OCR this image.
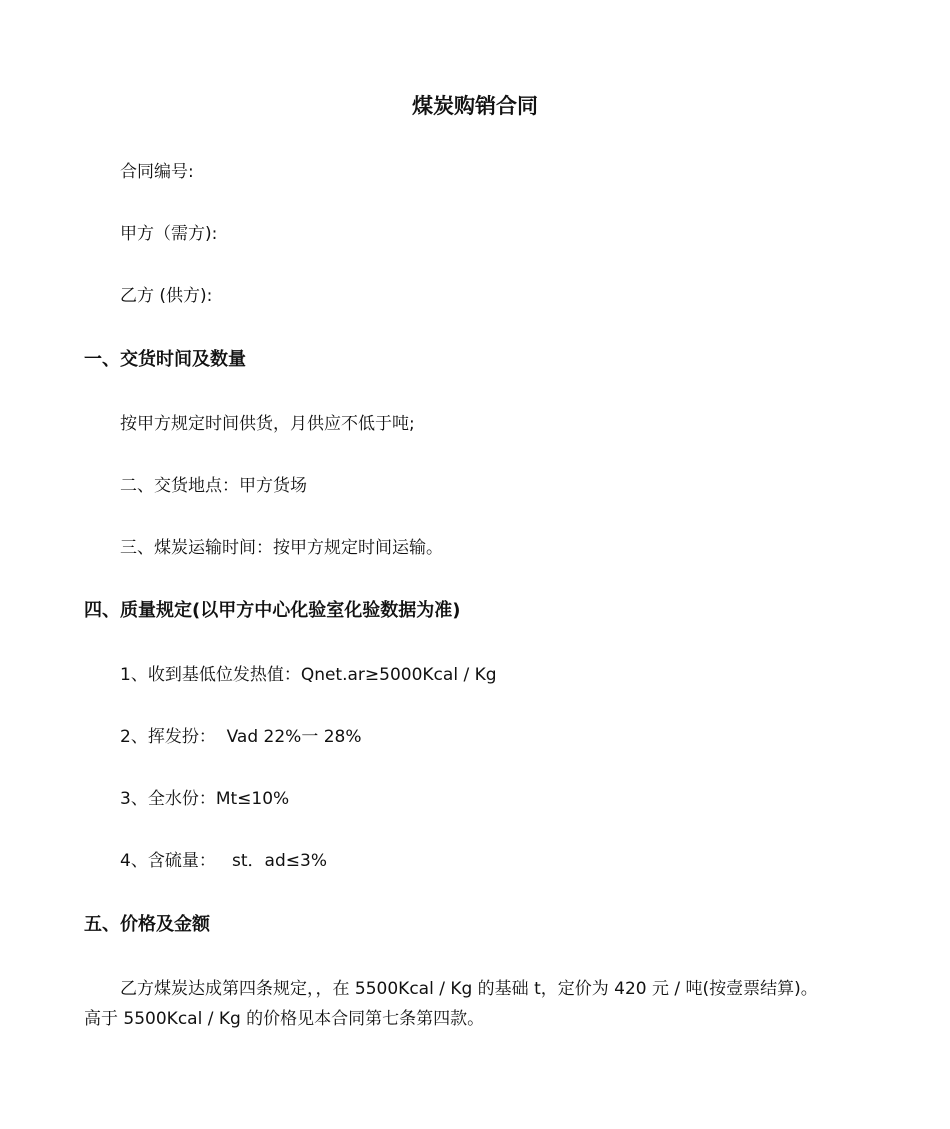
煤炭购销合同
合同编号:
甲方（需方):
乙方 (供方):
一、交货时间及数量
按甲方规定时间供货，月供应不低于吨;
二、交货地点：甲方货场
三、煤炭运输时间：按甲方规定时间运输。
四、质量规定(以甲方中心化验室化验数据为准)
1、收到基低位发热值：Qnet.ar≥5000Kcal / Kg
2、挥发扮：  Vad 22%一 28%
3、全水份：Mt≤10%
4、含硫量：   st．ad≤3%
五、价格及金额
乙方煤炭达成第四条规定，，在 5500Kcal / Kg 的基础 t，定价为 420 元 / 吨(按壹票结算)。
高于 5500Kcal / Kg 的价格见本合同第七条第四款。
